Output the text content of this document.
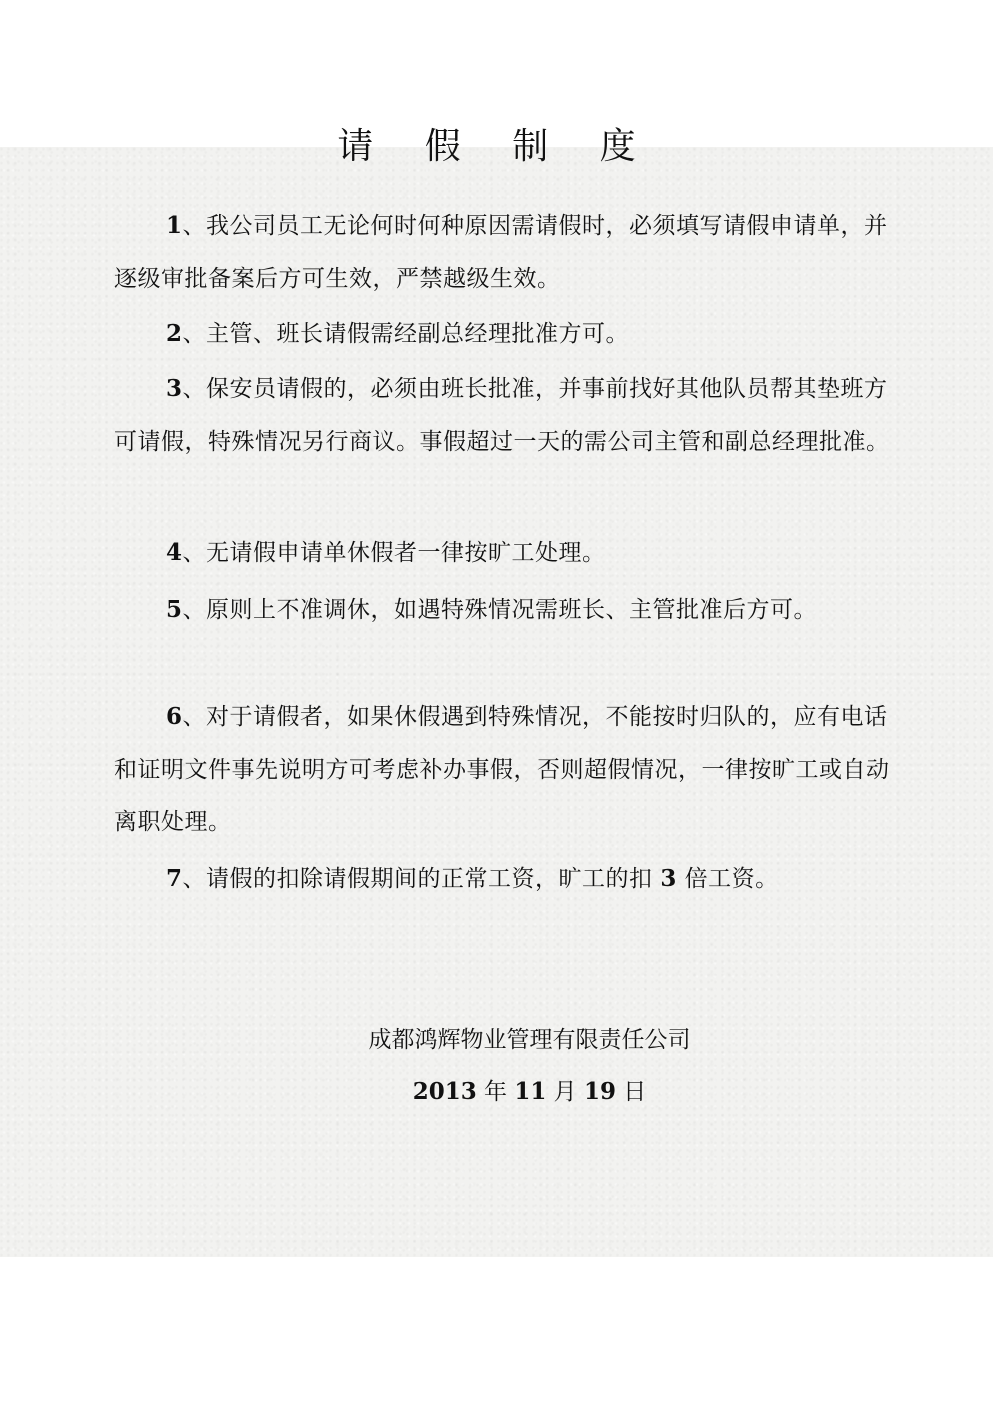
请 假 制 度

1、我公司员工无论何时何种原因需请假时，必须填写请假申请单，并逐级审批备案后方可生效，严禁越级生效。

2、主管、班长请假需经副总经理批准方可。

3、保安员请假的，必须由班长批准，并事前找好其他队员帮其垫班方可请假，特殊情况另行商议。事假超过一天的需公司主管和副总经理批准。

4、无请假申请单休假者一律按旷工处理。

5、原则上不准调休，如遇特殊情况需班长、主管批准后方可。

6、对于请假者，如果休假遇到特殊情况，不能按时归队的，应有电话和证明文件事先说明方可考虑补办事假，否则超假情况，一律按旷工或自动离职处理。

7、请假的扣除请假期间的正常工资，旷工的扣 3 倍工资。

成都鸿辉物业管理有限责任公司
2013 年 11 月 19 日
